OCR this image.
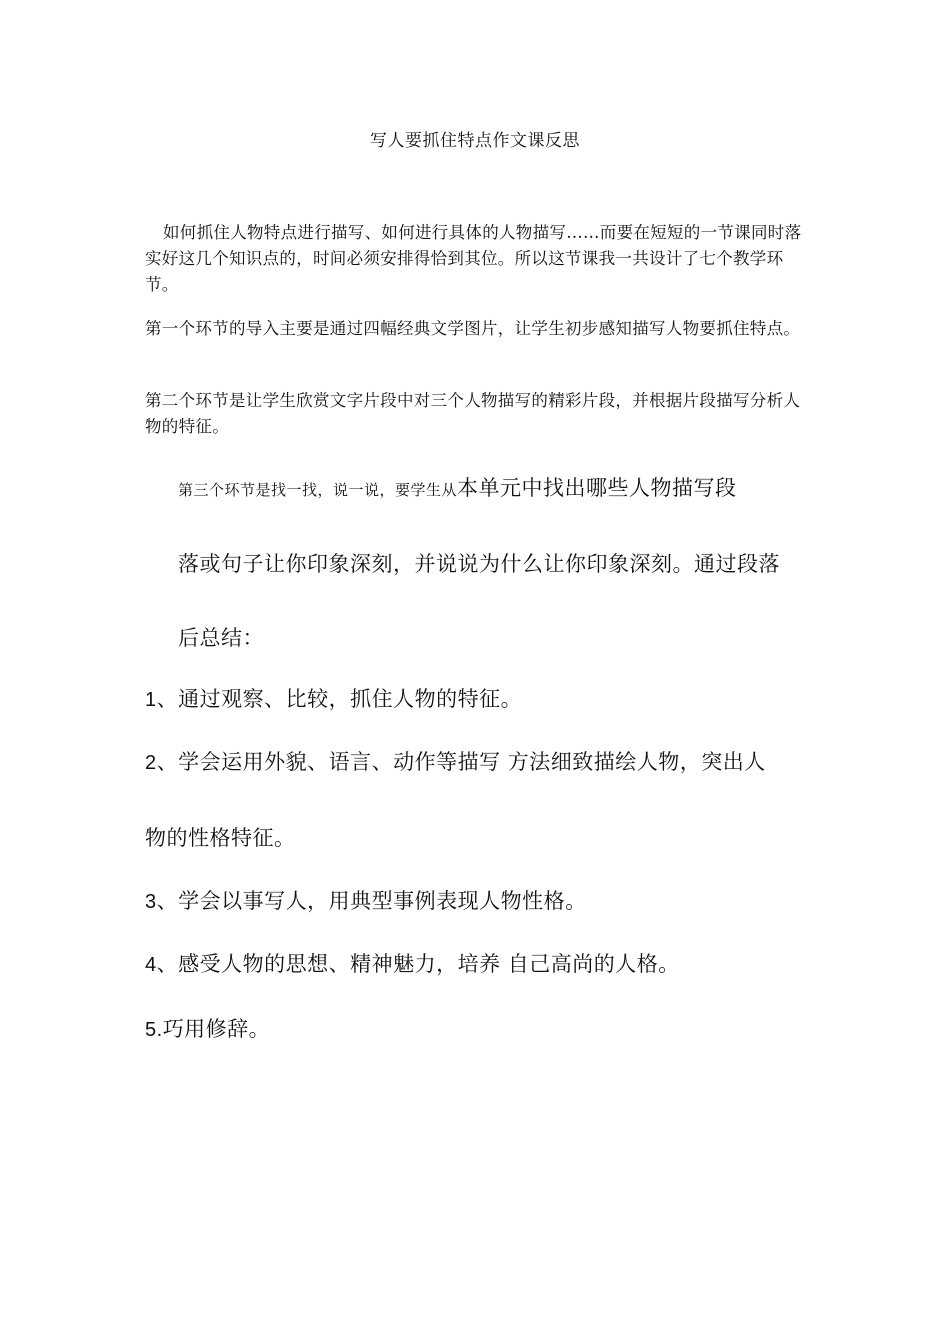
写人要抓住特点作文课反思
如何抓住人物特点进行描写、如何进行具体的人物描写……而要在短短的一节课同时落实好这几个知识点的，时间必须安排得恰到其位。所以这节课我一共设计了七个教学环节。
第一个环节的导入主要是通过四幅经典文学图片，让学生初步感知描写人物要抓住特点。
第二个环节是让学生欣赏文字片段中对三个人物描写的精彩片段，并根据片段描写分析人物的特征。
第三个环节是找一找，说一说，要学生从本单元中找出哪些人物描写段
落或句子让你印象深刻，并说说为什么让你印象深刻。通过段落
后总结：
1、通过观察、比较，抓住人物的特征。
2、学会运用外貌、语言、动作等描写 方法细致描绘人物，突出人
物的性格特征。
3、学会以事写人，用典型事例表现人物性格。
4、感受人物的思想、精神魅力，培养 自己高尚的人格。
5.巧用修辞。
